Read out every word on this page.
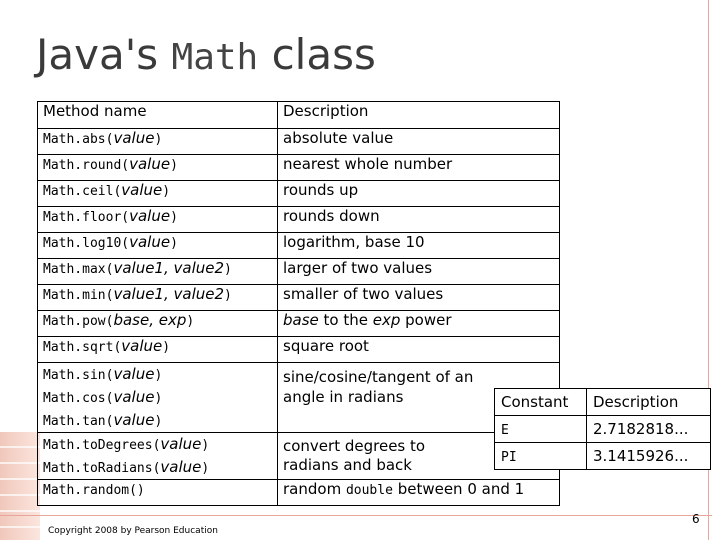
Java's Math class
Method name	Description
Math.abs(value)	absolute value
Math.round(value)	nearest whole number
Math.ceil(value)	rounds up
Math.floor(value)	rounds down
Math.log10(value)	logarithm, base 10
Math.max(value1, value2)	larger of two values
Math.min(value1, value2)	smaller of two values
Math.pow(base, exp)	base to the exp power
Math.sqrt(value)	square root

Math.sin(value)
Math.cos(value)
Math.tan(value)	sine/cosine/tangent of an angle in radians

Math.toDegrees(value)
Math.toRadians(value)	convert degrees to radians and back
Math.random()	random double between 0 and 1
Constant	Description
E	2.7182818...
PI	3.1415926...
Copyright 2008 by Pearson Education
6
